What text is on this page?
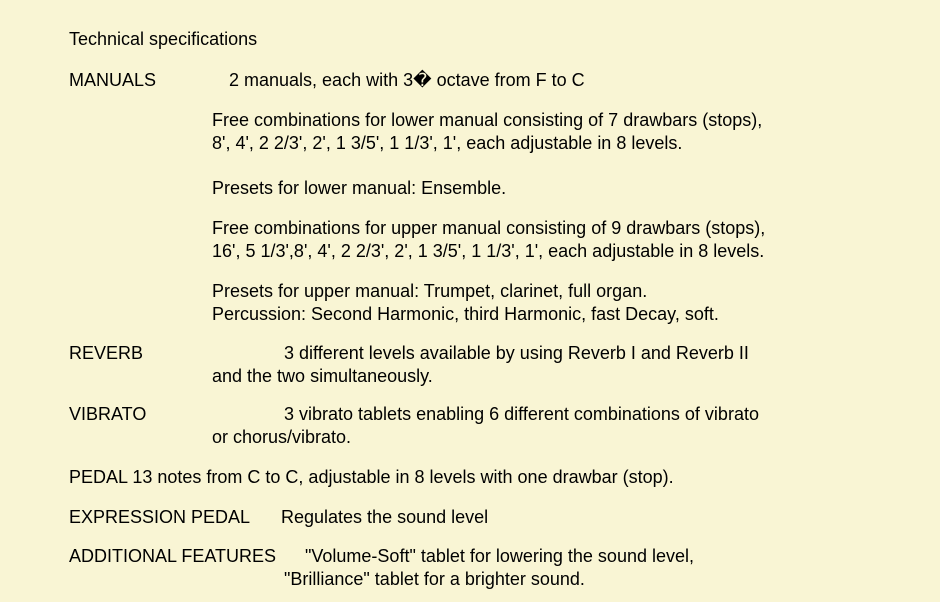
Technical specifications
MANUALS	2 manuals, each with 3� octave from F to C
Free combinations for lower manual consisting of 7 drawbars (stops),
8', 4', 2 2/3', 2', 1 3/5', 1 1/3', 1', each adjustable in 8 levels.
Presets for lower manual: Ensemble.
Free combinations for upper manual consisting of 9 drawbars (stops),
16', 5 1/3',8', 4', 2 2/3', 2', 1 3/5', 1 1/3', 1', each adjustable in 8 levels.
Presets for upper manual: Trumpet, clarinet, full organ.
Percussion: Second Harmonic, third Harmonic, fast Decay, soft.
REVERB	3 different levels available by using Reverb I and Reverb II
and the two simultaneously.
VIBRATO	3 vibrato tablets enabling 6 different combinations of vibrato
or chorus/vibrato.
PEDAL 13 notes from C to C, adjustable in 8 levels with one drawbar (stop).
EXPRESSION PEDAL Regulates the sound level
ADDITIONAL FEATURES "Volume-Soft" tablet for lowering the sound level,
"Brilliance" tablet for a brighter sound.
